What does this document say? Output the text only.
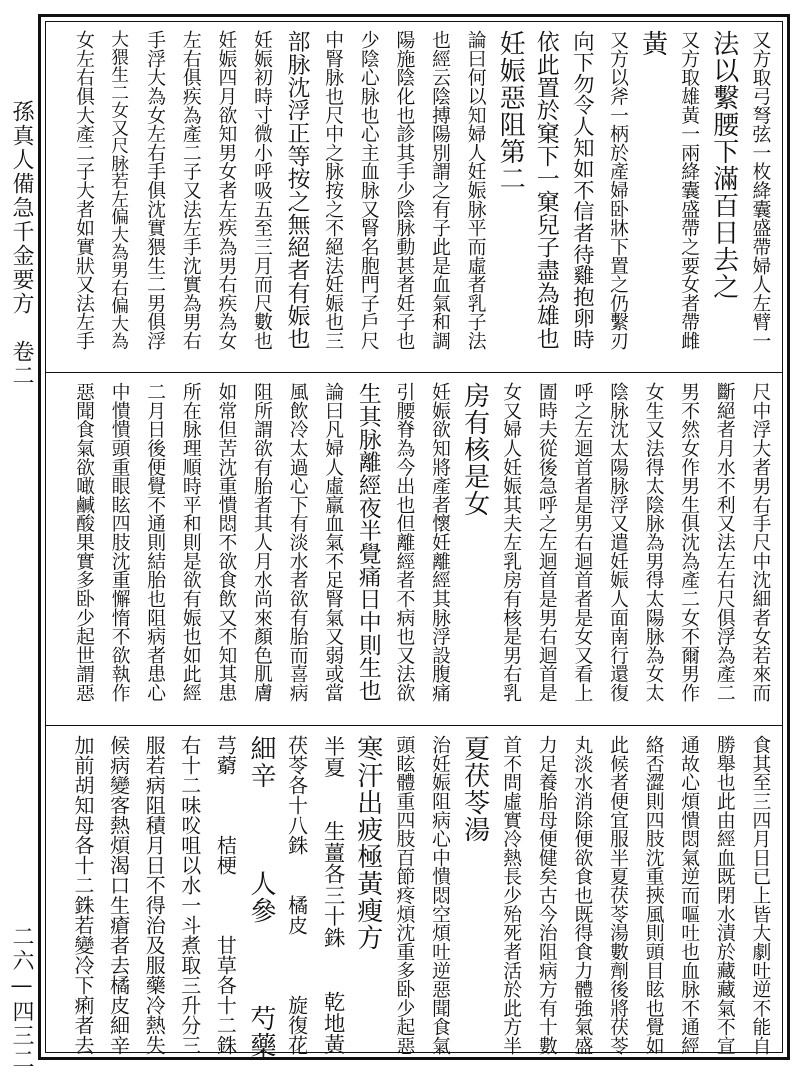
孫真人備急千金要方　卷二
二六—四三二
又方取弓弩弦一枚絳囊盛帶婦人左臂一
法以繫腰下滿百日去之
又方取雄黃一兩絳囊盛帶之要女者帶雌
黃
又方以斧一柄於產婦卧牀下置之仍繫刃
向下勿令人知如不信者待雞抱卵時
依此置於窠下一窠兒子盡為雄也
妊娠惡阻第二
論曰何以知婦人妊娠脉平而虛者乳子法
也經云陰搏陽別謂之有子此是血氣和調
陽施陰化也診其手少陰脉動甚者妊子也
少陰心脉也心主血脉又腎名胞門子戶尺
中腎脉也尺中之脉按之不絕法妊娠也三
部脉沈浮正等按之無絕者有娠也
妊娠初時寸微小呼吸五至三月而尺數也
妊娠四月欲知男女者左疾為男右疾為女
左右俱疾為產二子又法左手沈實為男右
手浮大為女左右手俱沈實猥生二男俱浮
大猥生二女又尺脉若左偏大為男右偏大為
女左右俱大產二子大者如實狀又法左手
尺中浮大者男右手尺中沈細者女若來而
斷絕者月水不利又法左右尺俱浮為產二
男不然女作男生俱沈為產二女不爾男作
女生又法得太陰脉為男得太陽脉為女太
陰脉沈太陽脉浮又遣妊娠人面南行還復
呼之左迴首者是男右迴首者是女又看上
圊時夫從後急呼之左迴首是男右迴首是
女又婦人妊娠其夫左乳房有核是男右乳
房有核是女
妊娠欲知將產者懷妊離經其脉浮設腹痛
引腰脊為今出也但離經者不病也又法欲
生其脉離經夜半覺痛日中則生也
論曰凡婦人虛羸血氣不足腎氣又弱或當
風飲冷太過心下有淡水者欲有胎而喜病
阻所謂欲有胎者其人月水尚來顏色肌膚
如常但苦沈重憒悶不欲食飲又不知其患
所在脉理順時平和則是欲有娠也如此經
二月日後便覺不通則結胎也阻病者患心
中憒憒頭重眼眩四肢沈重懈惰不欲執作
惡聞食氣欲噉鹹酸果實多卧少起世謂惡
食其至三四月日已上皆大劇吐逆不能自
勝舉也此由經血既閉水漬於藏藏氣不宣
通故心煩憒悶氣逆而嘔吐也血脉不通經
絡否澀則四肢沈重挾風則頭目眩也覺如
此候者便宜服半夏茯苓湯數劑後將茯苓
丸淡水消除便欲食也既得食力體強氣盛
力足養胎母便健矣古今治阻病方有十數
首不問虛實冷熱長少殆死者活於此方半
夏茯苓湯
治妊娠阻病心中憒悶空煩吐逆惡聞食氣
頭眩體重四肢百節疼煩沈重多卧少起惡
寒汗出疲極黃瘦方
半夏　　生薑各三十銖　　乾地黃
茯苓各十八銖　　橘皮　　　旋復花
細辛　　　人參　　　芍藥
芎藭　　　桔梗　　　甘草各十二銖
右十二味㕮咀以水一斗煮取三升分三
服若病阻積月日不得治及服藥冷熱失
候病變客熱煩渴口生瘡者去橘皮細辛
加前胡知母各十二銖若變冷下痢者去
